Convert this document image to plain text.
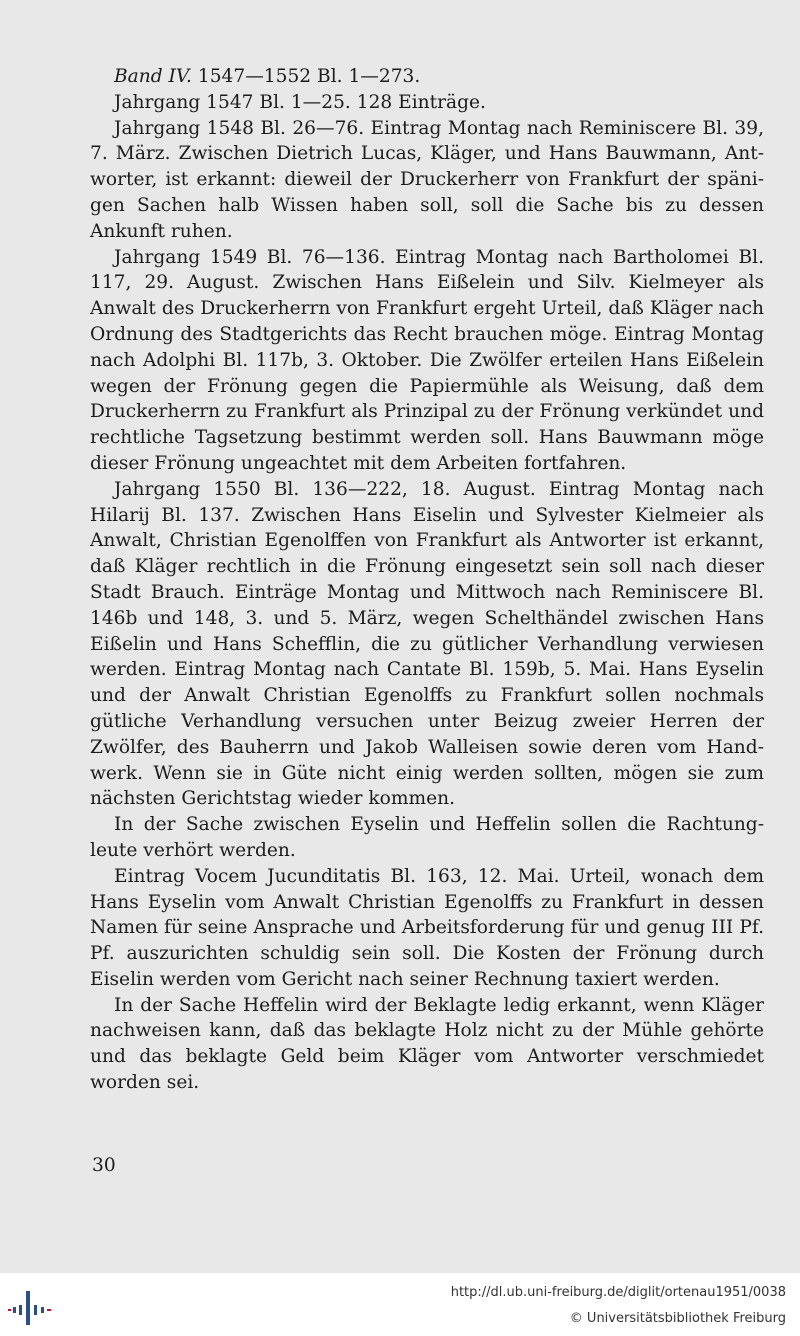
Band IV. 1547—1552 Bl. 1—273.

Jahrgang 1547 Bl. 1—25. 128 Einträge.

Jahrgang 1548 Bl. 26—76. Eintrag Montag nach Reminiscere Bl. 39, 7. März. Zwischen Dietrich Lucas, Kläger, und Hans Bauwmann, Antworter, ist erkannt: dieweil der Druckerherr von Frankfurt der spänigen Sachen halb Wissen haben soll, soll die Sache bis zu dessen Ankunft ruhen.

Jahrgang 1549 Bl. 76—136. Eintrag Montag nach Bartholomei Bl. 117, 29. August. Zwischen Hans Eißelein und Silv. Kielmeyer als Anwalt des Druckerherrn von Frankfurt ergeht Urteil, daß Kläger nach Ordnung des Stadtgerichts das Recht brauchen möge. Eintrag Montag nach Adolphi Bl. 117b, 3. Oktober. Die Zwölfer erteilen Hans Eißelein wegen der Frönung gegen die Papiermühle als Weisung, daß dem Druckerherrn zu Frankfurt als Prinzipal zu der Frönung verkündet und rechtliche Tagsetzung bestimmt werden soll. Hans Bauwmann möge dieser Frönung ungeachtet mit dem Arbeiten fortfahren.

Jahrgang 1550 Bl. 136—222, 18. August. Eintrag Montag nach Hilarij Bl. 137. Zwischen Hans Eiselin und Sylvester Kielmeier als Anwalt, Christian Egenolffen von Frankfurt als Antworter ist erkannt, daß Kläger rechtlich in die Frönung eingesetzt sein soll nach dieser Stadt Brauch. Einträge Montag und Mittwoch nach Reminiscere Bl. 146b und 148, 3. und 5. März, wegen Schelthändel zwischen Hans Eißelin und Hans Schefflin, die zu gütlicher Verhandlung verwiesen werden. Eintrag Montag nach Cantate Bl. 159b, 5. Mai. Hans Eyselin und der Anwalt Christian Egenolffs zu Frankfurt sollen nochmals gütliche Verhandlung versuchen unter Beizug zweier Herren der Zwölfer, des Bauherrn und Jakob Walleisen sowie deren vom Handwerk. Wenn sie in Güte nicht einig werden sollten, mögen sie zum nächsten Gerichtstag wieder kommen.

In der Sache zwischen Eyselin und Heffelin sollen die Rachtungleute verhört werden.

Eintrag Vocem Jucunditatis Bl. 163, 12. Mai. Urteil, wonach dem Hans Eyselin vom Anwalt Christian Egenolffs zu Frankfurt in dessen Namen für seine Ansprache und Arbeitsforderung für und genug III Pf. Pf. auszurichten schuldig sein soll. Die Kosten der Frönung durch Eiselin werden vom Gericht nach seiner Rechnung taxiert werden.

In der Sache Heffelin wird der Beklagte ledig erkannt, wenn Kläger nachweisen kann, daß das beklagte Holz nicht zu der Mühle gehörte und das beklagte Geld beim Kläger vom Antworter verschmiedet worden sei.

30
http://dl.ub.uni-freiburg.de/diglit/ortenau1951/0038
© Universitätsbibliothek Freiburg
